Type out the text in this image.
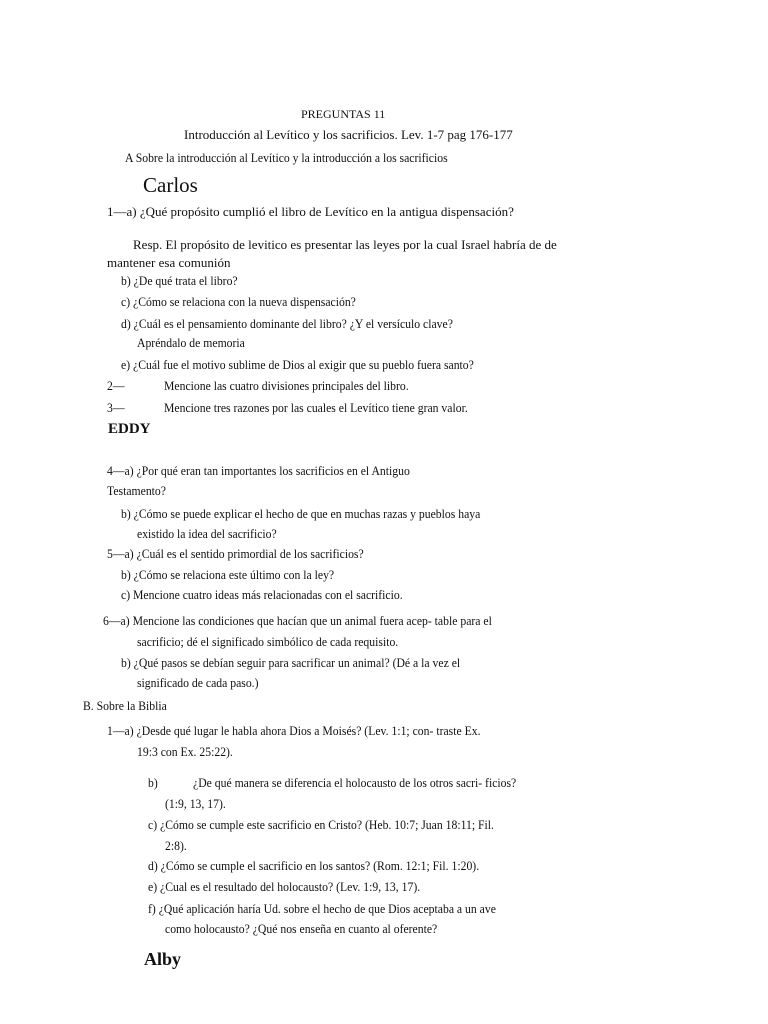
PREGUNTAS 11
Introducción al Levítico y los sacrificios. Lev. 1-7 pag 176-177
A Sobre la introducción al Levítico y la introducción a los sacrificios
Carlos
1—a) ¿Qué propósito cumplió el libro de Levítico en la antigua dispensación?
Resp. El propósito de levitico es presentar las leyes por la cual Israel habría de de
mantener esa comunión
b) ¿De qué trata el libro?
c) ¿Cómo se relaciona con la nueva dispensación?
d) ¿Cuál es el pensamiento dominante del libro? ¿Y el versículo clave?
Apréndalo de memoria
e) ¿Cuál fue el motivo sublime de Dios al exigir que su pueblo fuera santo?
2—	Mencione las cuatro divisiones principales del libro.
3—	Mencione tres razones por las cuales el Levítico tiene gran valor.
EDDY
4—a) ¿Por qué eran tan importantes los sacrificios en el Antiguo
Testamento?
b) ¿Cómo se puede explicar el hecho de que en muchas razas y pueblos haya
existido la idea del sacrificio?
5—a) ¿Cuál es el sentido primordial de los sacrificios?
b) ¿Cómo se relaciona este último con la ley?
c) Mencione cuatro ideas más relacionadas con el sacrificio.
6—a) Mencione las condiciones que hacían que un animal fuera acep- table para el
sacrificio; dé el significado simbólico de cada requisito.
b) ¿Qué pasos se debían seguir para sacrificar un animal? (Dé a la vez el
significado de cada paso.)
B. Sobre la Biblia
1—a) ¿Desde qué lugar le habla ahora Dios a Moisés? (Lev. 1:1; con- traste Ex.
19:3 con Ex. 25:22).
b)	¿De qué manera se diferencia el holocausto de los otros sacri- ficios?
(1:9, 13, 17).
c) ¿Cómo se cumple este sacrificio en Cristo? (Heb. 10:7; Juan 18:11; Fil.
2:8).
d) ¿Cómo se cumple el sacrificio en los santos? (Rom. 12:1; Fil. 1:20).
e) ¿Cual es el resultado del holocausto? (Lev. 1:9, 13, 17).
f) ¿Qué aplicación haría Ud. sobre el hecho de que Dios aceptaba a un ave
como holocausto? ¿Qué nos enseña en cuanto al oferente?
Alby
